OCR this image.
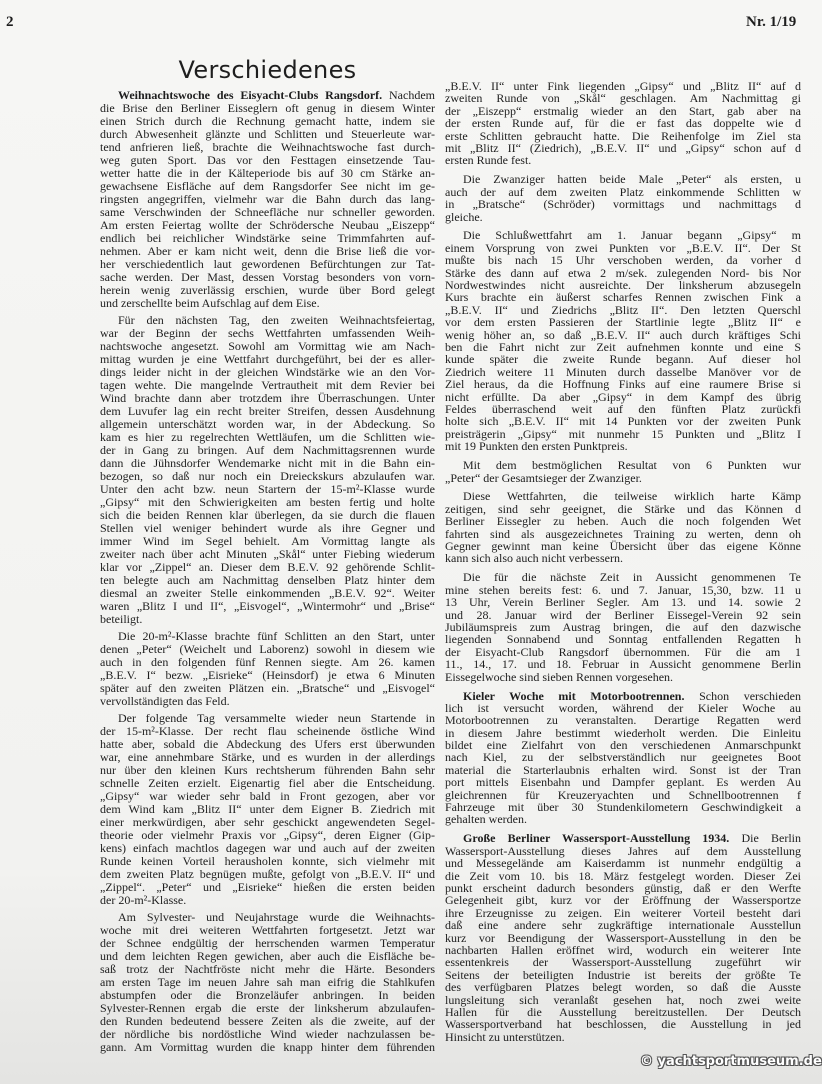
2	Nr. 1/19
Verschiedenes
Weihnachtswoche des Eisyacht-Clubs Rangsdorf. Nachdem
die Brise den Berliner Eisseglern oft genug in diesem Winter
einen Strich durch die Rechnung gemacht hatte, indem sie
durch Abwesenheit glänzte und Schlitten und Steuerleute war-
tend anfrieren ließ, brachte die Weihnachtswoche fast durch-
weg guten Sport. Das vor den Festtagen einsetzende Tau-
wetter hatte die in der Kälteperiode bis auf 30 cm Stärke an-
gewachsene Eisfläche auf dem Rangsdorfer See nicht im ge-
ringsten angegriffen, vielmehr war die Bahn durch das lang-
same Verschwinden der Schneefläche nur schneller geworden.
Am ersten Feiertag wollte der Schrödersche Neubau „Eiszepp“
endlich bei reichlicher Windstärke seine Trimmfahrten auf-
nehmen. Aber er kam nicht weit, denn die Brise ließ die vor-
her verschiedentlich laut gewordenen Befürchtungen zur Tat-
sache werden. Der Mast, dessen Vorstag besonders von vorn-
herein wenig zuverlässig erschien, wurde über Bord gelegt
und zerschellte beim Aufschlag auf dem Eise.
Für den nächsten Tag, den zweiten Weihnachtsfeiertag,
war der Beginn der sechs Wettfahrten umfassenden Weih-
nachtswoche angesetzt. Sowohl am Vormittag wie am Nach-
mittag wurden je eine Wettfahrt durchgeführt, bei der es aller-
dings leider nicht in der gleichen Windstärke wie an den Vor-
tagen wehte. Die mangelnde Vertrautheit mit dem Revier bei
Wind brachte dann aber trotzdem ihre Überraschungen. Unter
dem Luvufer lag ein recht breiter Streifen, dessen Ausdehnung
allgemein unterschätzt worden war, in der Abdeckung. So
kam es hier zu regelrechten Wettläufen, um die Schlitten wie-
der in Gang zu bringen. Auf dem Nachmittagsrennen wurde
dann die Jühnsdorfer Wendemarke nicht mit in die Bahn ein-
bezogen, so daß nur noch ein Dreieckskurs abzulaufen war.
Unter den acht bzw. neun Startern der 15-m²-Klasse wurde
„Gipsy“ mit den Schwierigkeiten am besten fertig und holte
sich die beiden Rennen klar überlegen, da sie durch die flauen
Stellen viel weniger behindert wurde als ihre Gegner und
immer Wind im Segel behielt. Am Vormittag langte als
zweiter nach über acht Minuten „Skål“ unter Fiebing wiederum
klar vor „Zippel“ an. Dieser dem B.E.V. 92 gehörende Schlit-
ten belegte auch am Nachmittag denselben Platz hinter dem
diesmal an zweiter Stelle einkommenden „B.E.V. 92“. Weiter
waren „Blitz I und II“, „Eisvogel“, „Wintermohr“ und „Brise“
beteiligt.
Die 20-m²-Klasse brachte fünf Schlitten an den Start, unter
denen „Peter“ (Weichelt und Laborenz) sowohl in diesem wie
auch in den folgenden fünf Rennen siegte. Am 26. kamen
„B.E.V. I“ bezw. „Eisrieke“ (Heinsdorf) je etwa 6 Minuten
später auf den zweiten Plätzen ein. „Bratsche“ und „Eisvogel“
vervollständigten das Feld.
Der folgende Tag versammelte wieder neun Startende in
der 15-m²-Klasse. Der recht flau scheinende östliche Wind
hatte aber, sobald die Abdeckung des Ufers erst überwunden
war, eine annehmbare Stärke, und es wurden in der allerdings
nur über den kleinen Kurs rechtsherum führenden Bahn sehr
schnelle Zeiten erzielt. Eigenartig fiel aber die Entscheidung.
„Gipsy“ war wieder sehr bald in Front gezogen, aber vor
dem Wind kam „Blitz II“ unter dem Eigner B. Ziedrich mit
einer merkwürdigen, aber sehr geschickt angewendeten Segel-
theorie oder vielmehr Praxis vor „Gipsy“, deren Eigner (Gip-
kens) einfach machtlos dagegen war und auch auf der zweiten
Runde keinen Vorteil herausholen konnte, sich vielmehr mit
dem zweiten Platz begnügen mußte, gefolgt von „B.E.V. II“ und
„Zippel“. „Peter“ und „Eisrieke“ hießen die ersten beiden
der 20-m²-Klasse.
Am Sylvester- und Neujahrstage wurde die Weihnachts-
woche mit drei weiteren Wettfahrten fortgesetzt. Jetzt war
der Schnee endgültig der herrschenden warmen Temperatur
und dem leichten Regen gewichen, aber auch die Eisfläche be-
saß trotz der Nachtfröste nicht mehr die Härte. Besonders
am ersten Tage im neuen Jahre sah man eifrig die Stahlkufen
abstumpfen oder die Bronzeläufer anbringen. In beiden
Sylvester-Rennen ergab die erste der linksherum abzulaufen-
den Runden bedeutend bessere Zeiten als die zweite, auf der
der nördliche bis nordöstliche Wind wieder nachzulassen be-
gann. Am Vormittag wurden die knapp hinter dem führenden
„B.E.V. II“ unter Fink liegenden „Gipsy“ und „Blitz II“ auf d
zweiten Runde von „Skål“ geschlagen. Am Nachmittag gi
der „Eiszepp“ erstmalig wieder an den Start, gab aber na
der ersten Runde auf, für die er fast das doppelte wie d
erste Schlitten gebraucht hatte. Die Reihenfolge im Ziel sta
mit „Blitz II“ (Ziedrich), „B.E.V. II“ und „Gipsy“ schon auf d
ersten Runde fest.
Die Zwanziger hatten beide Male „Peter“ als ersten, u
auch der auf dem zweiten Platz einkommende Schlitten w
in „Bratsche“ (Schröder) vormittags und nachmittags d
gleiche.
Die Schlußwettfahrt am 1. Januar begann „Gipsy“ m
einem Vorsprung von zwei Punkten vor „B.E.V. II“. Der St
mußte bis nach 15 Uhr verschoben werden, da vorher d
Stärke des dann auf etwa 2 m/sek. zulegenden Nord- bis Nor
Nordwestwindes nicht ausreichte. Der linksherum abzusegeln
Kurs brachte ein äußerst scharfes Rennen zwischen Fink a
„B.E.V. II“ und Ziedrichs „Blitz II“. Den letzten Querschl
vor dem ersten Passieren der Startlinie legte „Blitz II“ e
wenig höher an, so daß „B.E.V. II“ auch durch kräftiges Schi
ben die Fahrt nicht zur Zeit aufnehmen konnte und eine S
kunde später die zweite Runde begann. Auf dieser hol
Ziedrich weitere 11 Minuten durch dasselbe Manöver vor de
Ziel heraus, da die Hoffnung Finks auf eine raumere Brise si
nicht erfüllte. Da aber „Gipsy“ in dem Kampf des übrig
Feldes überraschend weit auf den fünften Platz zurückfi
holte sich „B.E.V. II“ mit 14 Punkten vor der zweiten Punk
preisträgerin „Gipsy“ mit nunmehr 15 Punkten und „Blitz I
mit 19 Punkten den ersten Punktpreis.
Mit dem bestmöglichen Resultat von 6 Punkten wur
„Peter“ der Gesamtsieger der Zwanziger.
Diese Wettfahrten, die teilweise wirklich harte Kämp
zeitigen, sind sehr geeignet, die Stärke und das Können d
Berliner Eissegler zu heben. Auch die noch folgenden Wet
fahrten sind als ausgezeichnetes Training zu werten, denn oh
Gegner gewinnt man keine Übersicht über das eigene Könne
kann sich also auch nicht verbessern.
Die für die nächste Zeit in Aussicht genommenen Te
mine stehen bereits fest: 6. und 7. Januar, 15,30, bzw. 11 u
13 Uhr, Verein Berliner Segler. Am 13. und 14. sowie 2
und 28. Januar wird der Berliner Eissegel-Verein 92 sein
Jubiläumspreis zum Austrag bringen, die auf den dazwische
liegenden Sonnabend und Sonntag entfallenden Regatten h
der Eisyacht-Club Rangsdorf übernommen. Für die am 1
11., 14., 17. und 18. Februar in Aussicht genommene Berlin
Eissegelwoche sind sieben Rennen vorgesehen.
Kieler Woche mit Motorbootrennen. Schon verschieden
lich ist versucht worden, während der Kieler Woche au
Motorbootrennen zu veranstalten. Derartige Regatten werd
in diesem Jahre bestimmt wiederholt werden. Die Einleitu
bildet eine Zielfahrt von den verschiedenen Anmarschpunkt
nach Kiel, zu der selbstverständlich nur geeignetes Boot
material die Starterlaubnis erhalten wird. Sonst ist der Tran
port mittels Eisenbahn und Dampfer geplant. Es werden Au
gleichrennen für Kreuzeryachten und Schnellbootrennen f
Fahrzeuge mit über 30 Stundenkilometern Geschwindigkeit a
gehalten werden.
Große Berliner Wassersport-Ausstellung 1934. Die Berlin
Wassersport-Ausstellung dieses Jahres auf dem Ausstellung
und Messegelände am Kaiserdamm ist nunmehr endgültig a
die Zeit vom 10. bis 18. März festgelegt worden. Dieser Zei
punkt erscheint dadurch besonders günstig, daß er den Werfte
Gelegenheit gibt, kurz vor der Eröffnung der Wassersportze
ihre Erzeugnisse zu zeigen. Ein weiterer Vorteil besteht dari
daß eine andere sehr zugkräftige internationale Ausstellun
kurz vor Beendigung der Wassersport-Ausstellung in den be
nachbarten Hallen eröffnet wird, wodurch ein weiterer Inte
essentenkreis der Wassersport-Ausstellung zugeführt wir
Seitens der beteiligten Industrie ist bereits der größte Te
des verfügbaren Platzes belegt worden, so daß die Ausste
lungsleitung sich veranlaßt gesehen hat, noch zwei weite
Hallen für die Ausstellung bereitzustellen. Der Deutsch
Wassersportverband hat beschlossen, die Ausstellung in jed
Hinsicht zu unterstützen.
© yachtsportmuseum.de
